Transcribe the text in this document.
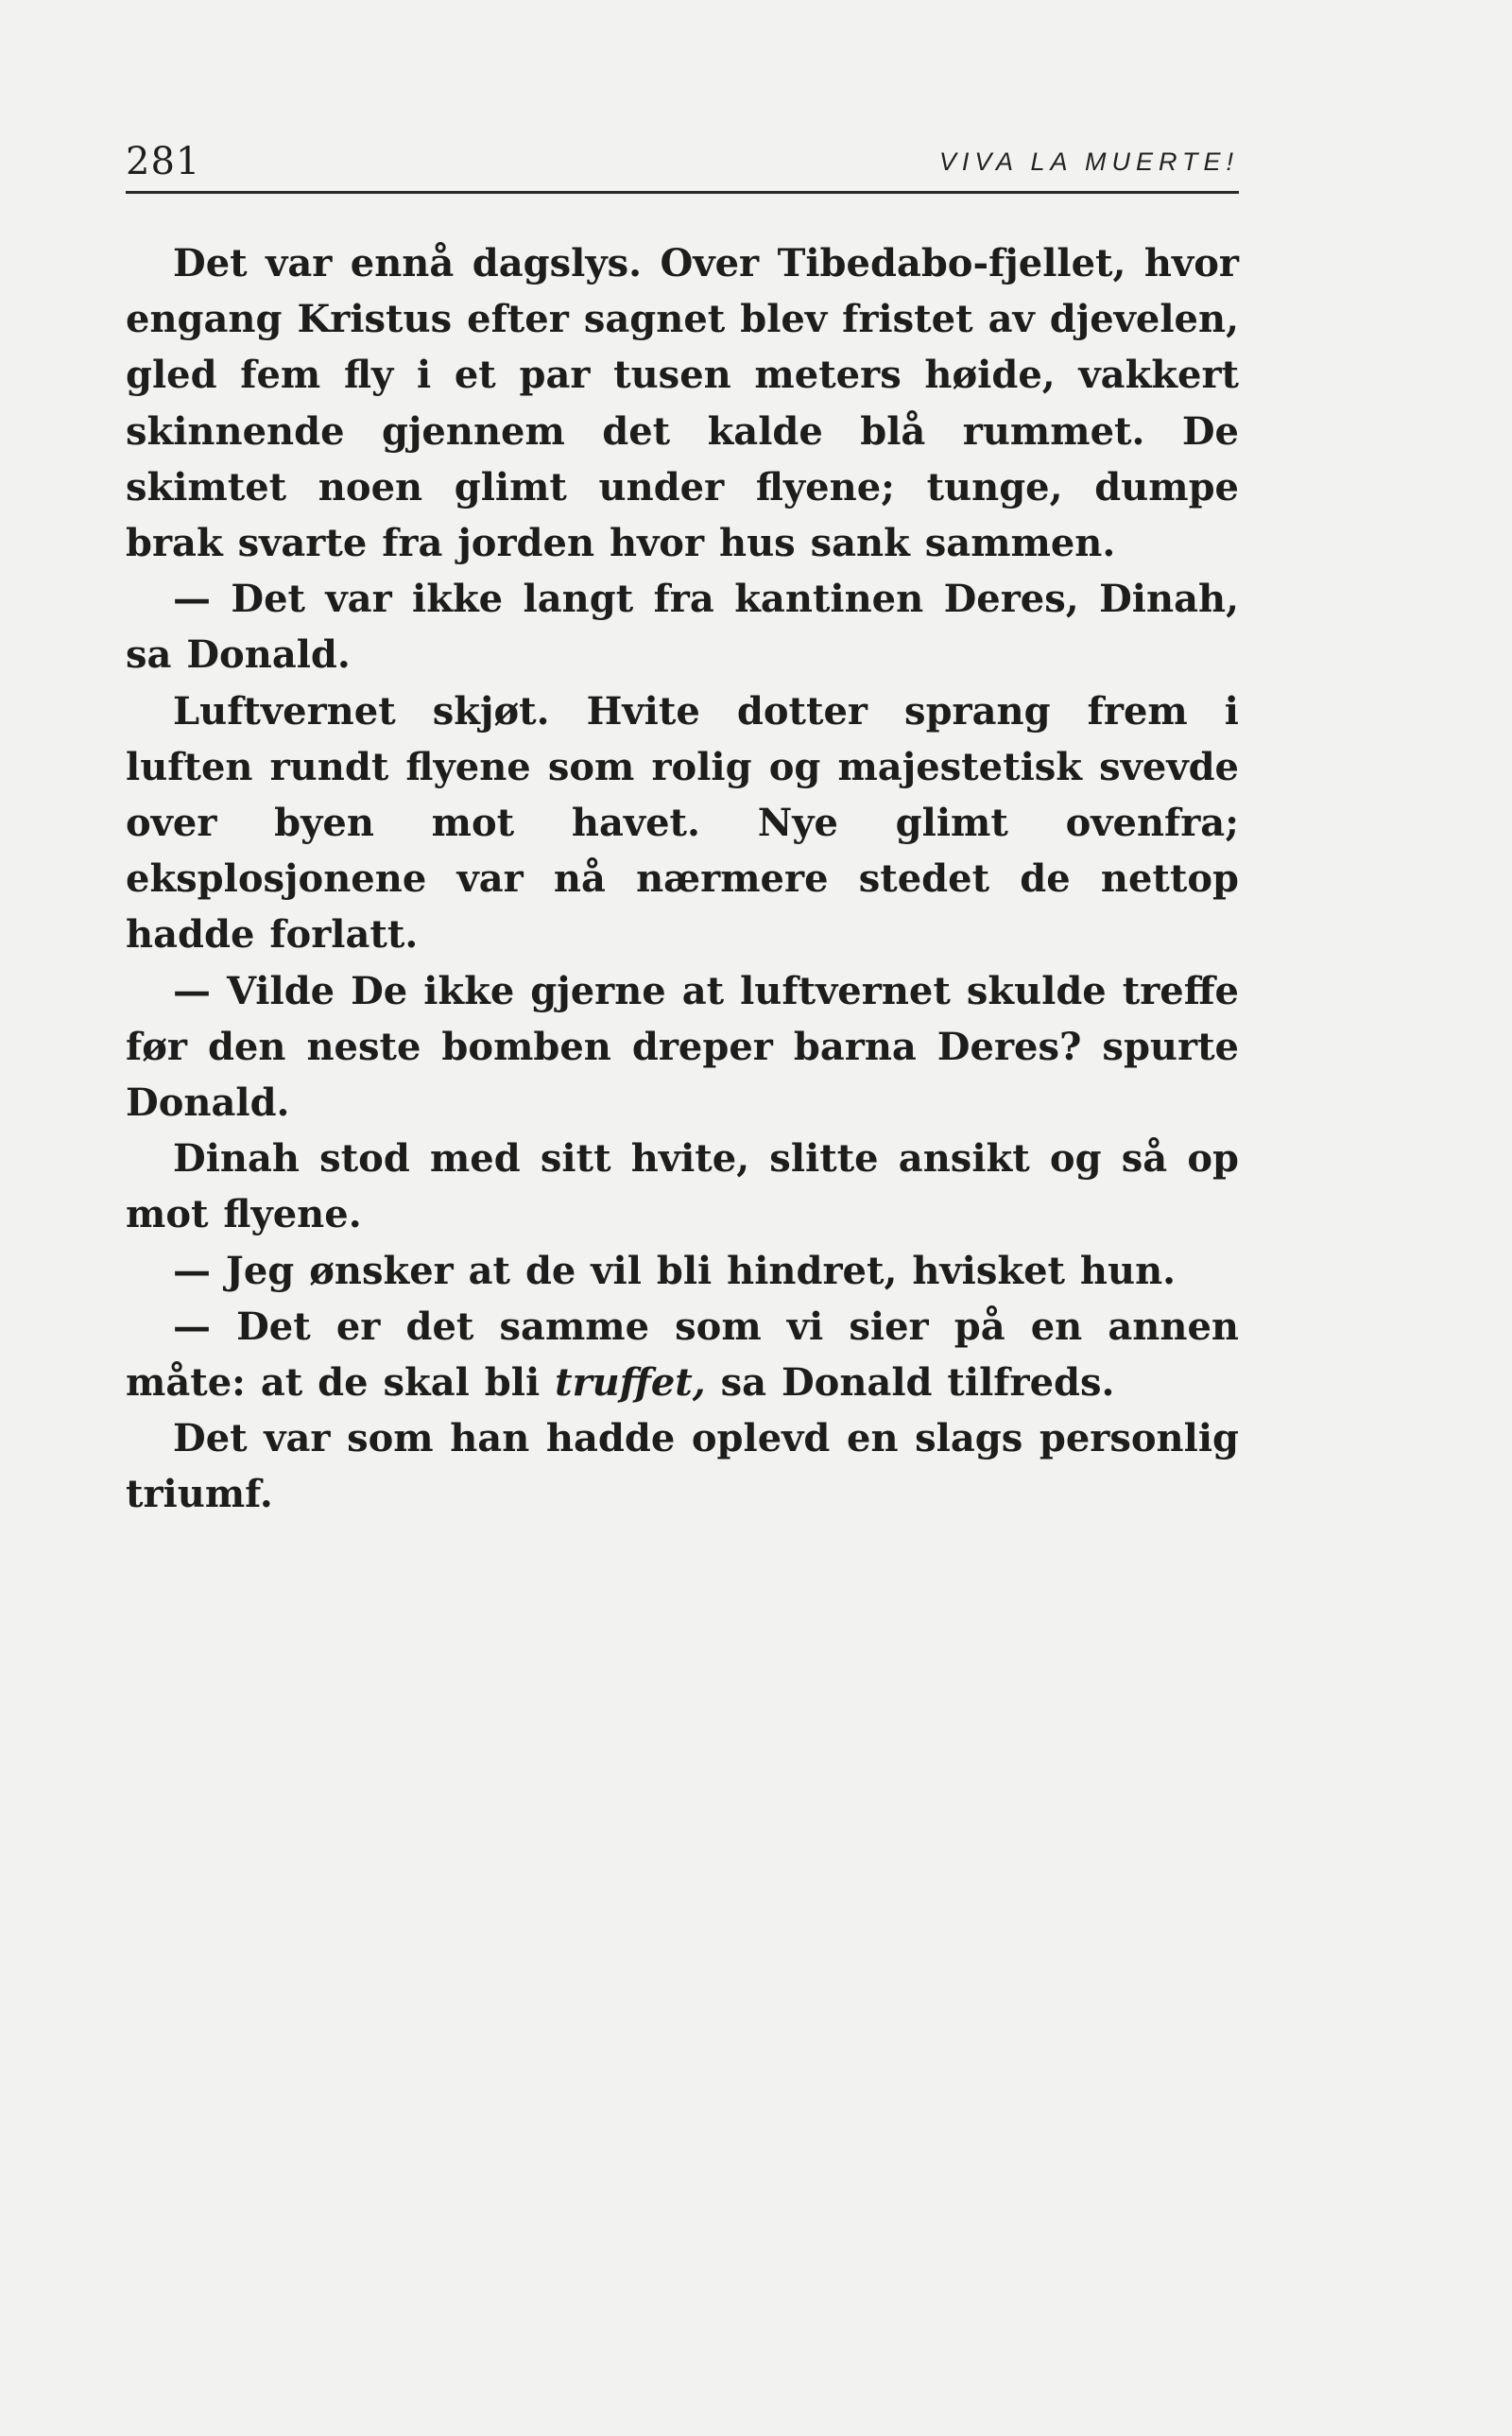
281	VIVA LA MUERTE!

Det var ennå dagslys. Over Tibedabo-fjellet, hvor engang Kristus efter sagnet blev fristet av djevelen, gled fem fly i et par tusen meters høide, vakkert skinnende gjennem det kalde blå rummet. De skimtet noen glimt under flyene; tunge, dumpe brak svarte fra jorden hvor hus sank sammen.

— Det var ikke langt fra kantinen Deres, Dinah, sa Donald.

Luftvernet skjøt. Hvite dotter sprang frem i luften rundt flyene som rolig og majestetisk svevde over byen mot havet. Nye glimt ovenfra; eksplosjonene var nå nærmere stedet de nettop hadde forlatt.

— Vilde De ikke gjerne at luftvernet skulde treffe før den neste bomben dreper barna Deres? spurte Donald.

Dinah stod med sitt hvite, slitte ansikt og så op mot flyene.

— Jeg ønsker at de vil bli hindret, hvisket hun.

— Det er det samme som vi sier på en annen måte: at de skal bli truffet, sa Donald tilfreds.

Det var som han hadde oplevd en slags personlig triumf.
